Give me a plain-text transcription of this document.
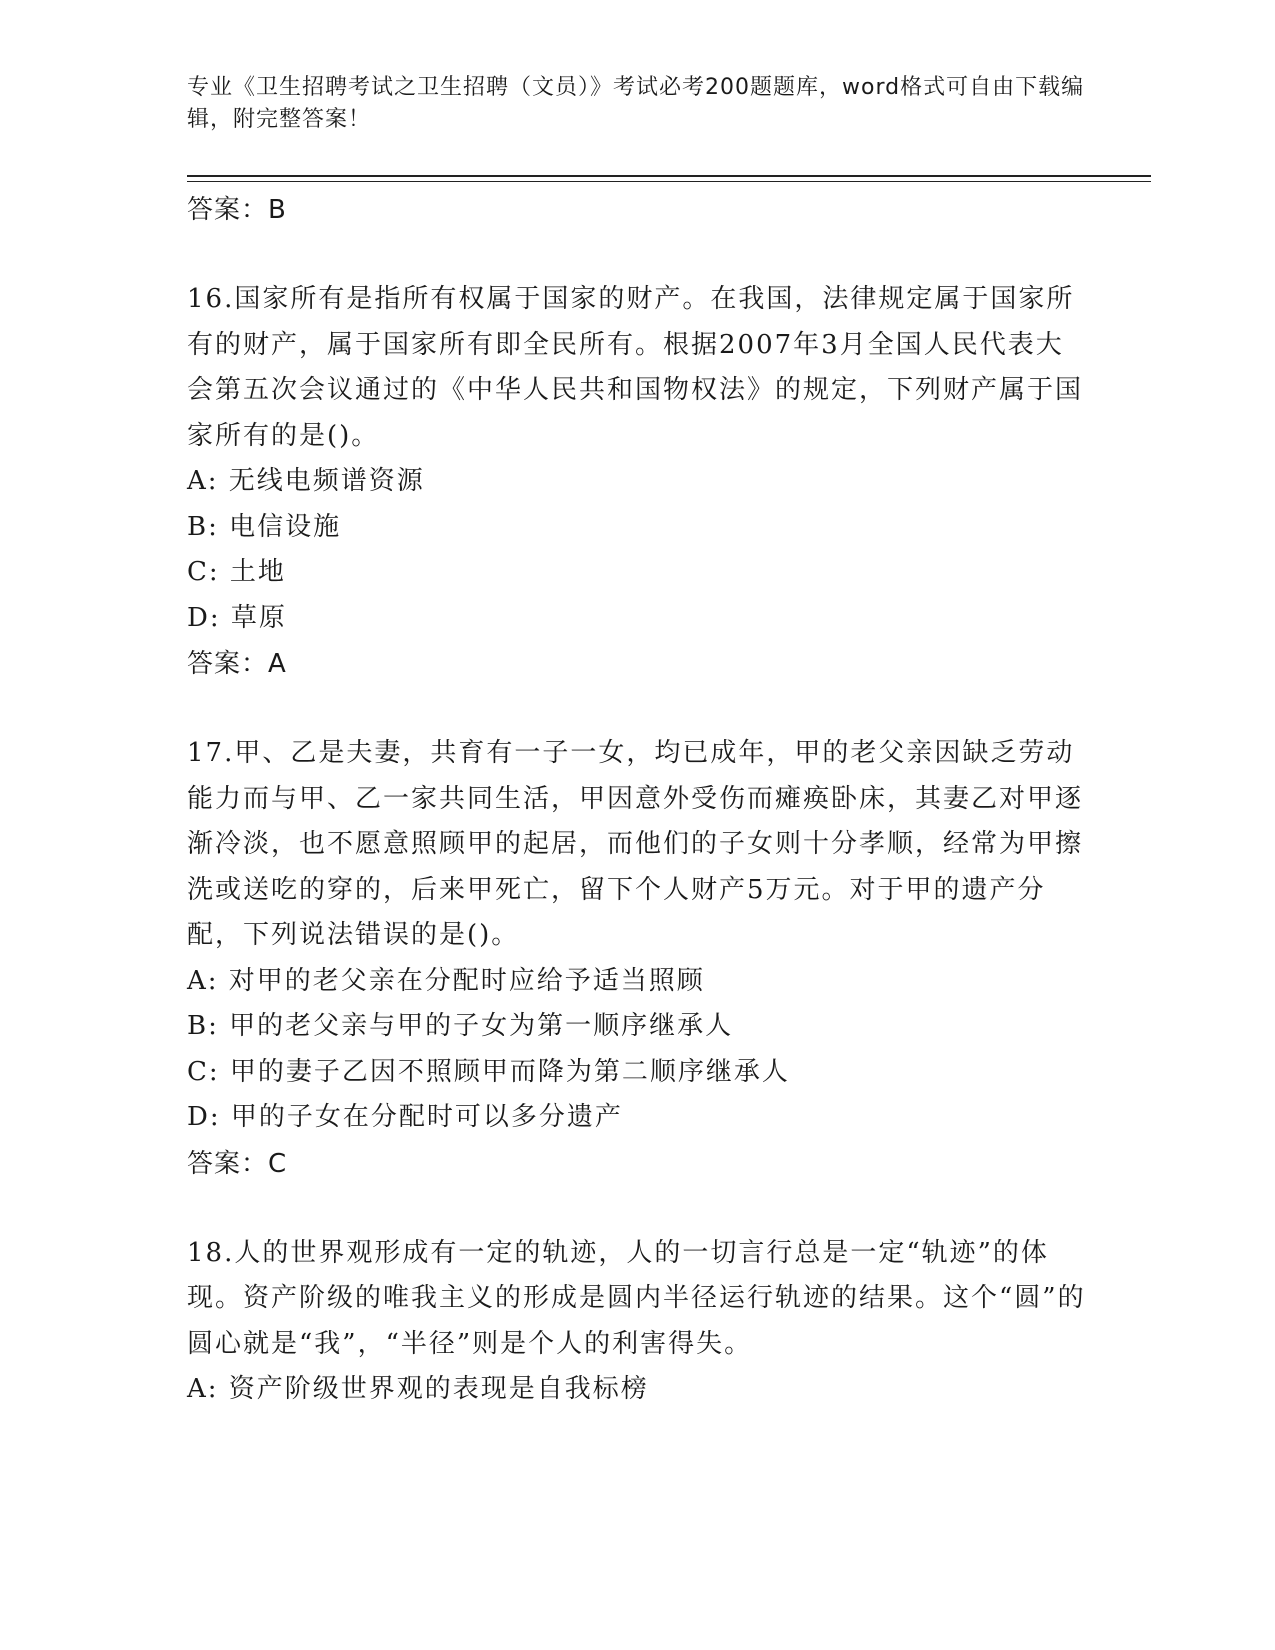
专业《卫生招聘考试之卫生招聘（文员）》考试必考200题题库，word格式可自由下载编辑，附完整答案！
答案：B
16.国家所有是指所有权属于国家的财产。在我国，法律规定属于国家所有的财产，属于国家所有即全民所有。根据2007年3月全国人民代表大会第五次会议通过的《中华人民共和国物权法》的规定，下列财产属于国家所有的是()。
A: 无线电频谱资源
B: 电信设施
C: 土地
D: 草原
答案：A
17.甲、乙是夫妻，共育有一子一女，均已成年，甲的老父亲因缺乏劳动能力而与甲、乙一家共同生活，甲因意外受伤而瘫痪卧床，其妻乙对甲逐渐冷淡，也不愿意照顾甲的起居，而他们的子女则十分孝顺，经常为甲擦洗或送吃的穿的，后来甲死亡，留下个人财产5万元。对于甲的遗产分配，下列说法错误的是()。
A: 对甲的老父亲在分配时应给予适当照顾
B: 甲的老父亲与甲的子女为第一顺序继承人
C: 甲的妻子乙因不照顾甲而降为第二顺序继承人
D: 甲的子女在分配时可以多分遗产
答案：C
18.人的世界观形成有一定的轨迹，人的一切言行总是一定“轨迹”的体现。资产阶级的唯我主义的形成是圆内半径运行轨迹的结果。这个“圆”的圆心就是“我”，“半径”则是个人的利害得失。
A: 资产阶级世界观的表现是自我标榜
